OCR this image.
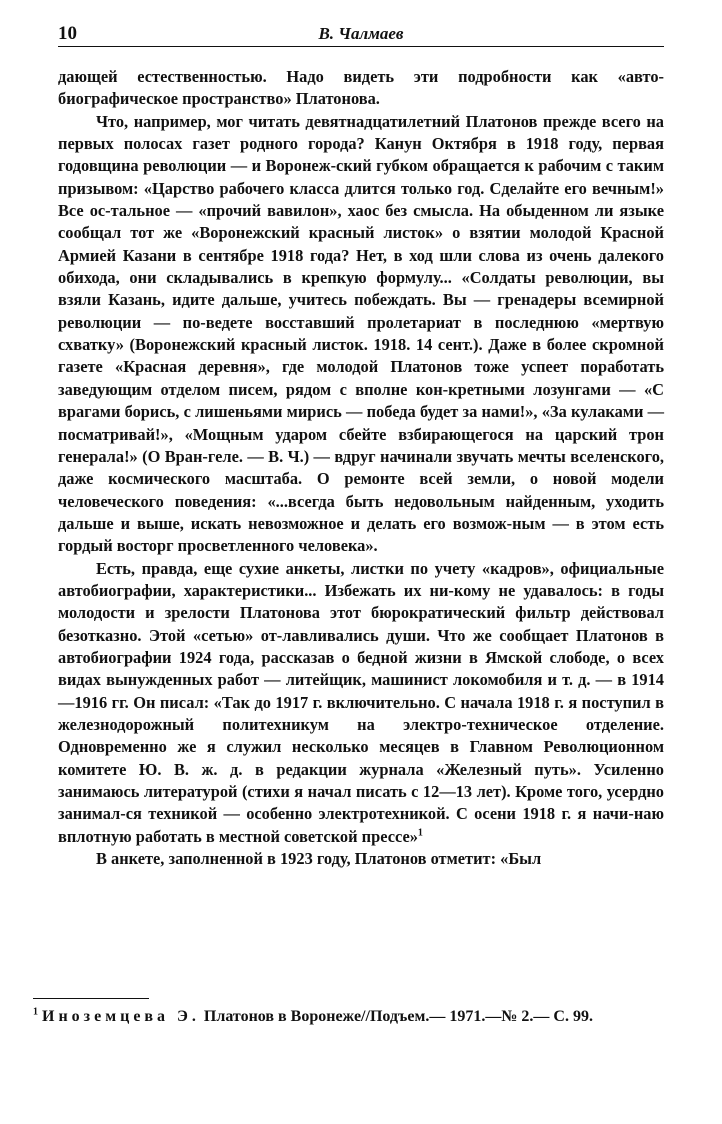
10	В. Чалмаев

дающей естественностью. Надо видеть эти подробности как «авто-биографическое пространство» Платонова.

Что, например, мог читать девятнадцатилетний Платонов прежде всего на первых полосах газет родного города? Канун Октября в 1918 году, первая годовщина революции — и Воронеж-ский губком обращается к рабочим с таким призывом: «Царство рабочего класса длится только год. Сделайте его вечным!» Все ос-тальное — «прочий вавилон», хаос без смысла. На обыденном ли языке сообщал тот же «Воронежский красный листок» о взятии молодой Красной Армией Казани в сентябре 1918 года? Нет, в ход шли слова из очень далекого обихода, они складывались в крепкую формулу... «Солдаты революции, вы взяли Казань, идите дальше, учитесь побеждать. Вы — гренадеры всемирной революции — по-ведете восставший пролетариат в последнюю «мертвую схватку» (Воронежский красный листок. 1918. 14 сент.). Даже в более скромной газете «Красная деревня», где молодой Платонов тоже успеет поработать заведующим отделом писем, рядом с вполне кон-кретными лозунгами — «С врагами борись, с лишеньями мирись — победа будет за нами!», «За кулаками — посматривай!», «Мощным ударом сбейте взбирающегося на царский трон генерала!» (О Вран-геле. — В. Ч.) — вдруг начинали звучать мечты вселенского, даже космического масштаба. О ремонте всей земли, о новой модели человеческого поведения: «...всегда быть недовольным найденным, уходить дальше и выше, искать невозможное и делать его возмож-ным — в этом есть гордый восторг просветленного человека».

Есть, правда, еще сухие анкеты, листки по учету «кадров», официальные автобиографии, характеристики... Избежать их ни-кому не удавалось: в годы молодости и зрелости Платонова этот бюрократический фильтр действовал безотказно. Этой «сетью» от-лавливались души. Что же сообщает Платонов в автобиографии 1924 года, рассказав о бедной жизни в Ямской слободе, о всех видах вынужденных работ — литейщик, машинист локомобиля и т. д. — в 1914—1916 гг. Он писал: «Так до 1917 г. включительно. С начала 1918 г. я поступил в железнодорожный политехникум на электро-техническое отделение. Одновременно же я служил несколько месяцев в Главном Революционном комитете Ю. В. ж. д. в редакции журнала «Железный путь». Усиленно занимаюсь литературой (стихи я начал писать с 12—13 лет). Кроме того, усердно занимал-ся техникой — особенно электротехникой. С осени 1918 г. я начи-наю вплотную работать в местной советской прессе»$^1$

В анкете, заполненной в 1923 году, Платонов отметит: «Был

$^1$ Иноземцева Э. Платонов в Воронеже//Подъем.— 1971.—№ 2.— С. 99.
